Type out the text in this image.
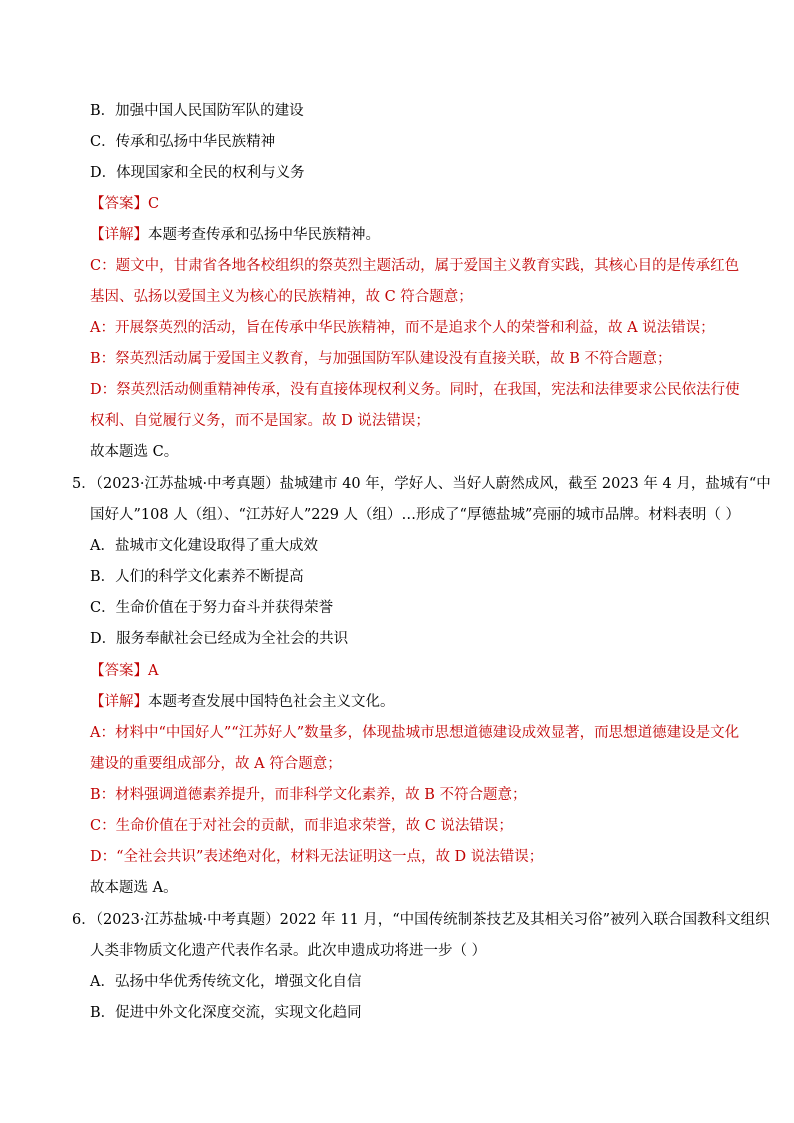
B．加强中国人民国防军队的建设
C．传承和弘扬中华民族精神
D．体现国家和全民的权利与义务
【答案】C
【详解】本题考查传承和弘扬中华民族精神。
C：题文中，甘肃省各地各校组织的祭英烈主题活动，属于爱国主义教育实践，其核心目的是传承红色
基因、弘扬以爱国主义为核心的民族精神，故 C 符合题意；
A：开展祭英烈的活动，旨在传承中华民族精神，而不是追求个人的荣誉和利益，故 A 说法错误；
B：祭英烈活动属于爱国主义教育，与加强国防军队建设没有直接关联，故 B 不符合题意；
D：祭英烈活动侧重精神传承，没有直接体现权利义务。同时，在我国，宪法和法律要求公民依法行使
权利、自觉履行义务，而不是国家。故 D 说法错误；
故本题选 C。
5．（2023·江苏盐城·中考真题）盐城建市 40 年，学好人、当好人蔚然成风，截至 2023 年 4 月，盐城有“中
国好人”108 人（组）、“江苏好人”229 人（组）…形成了“厚德盐城”亮丽的城市品牌。材料表明（ ）
A．盐城市文化建设取得了重大成效
B．人们的科学文化素养不断提高
C．生命价值在于努力奋斗并获得荣誉
D．服务奉献社会已经成为全社会的共识
【答案】A
【详解】本题考查发展中国特色社会主义文化。
A：材料中“中国好人”“江苏好人”数量多，体现盐城市思想道德建设成效显著，而思想道德建设是文化
建设的重要组成部分，故 A 符合题意；
B：材料强调道德素养提升，而非科学文化素养，故 B 不符合题意；
C：生命价值在于对社会的贡献，而非追求荣誉，故 C 说法错误；
D：“全社会共识”表述绝对化，材料无法证明这一点，故 D 说法错误；
故本题选 A。
6．（2023·江苏盐城·中考真题）2022 年 11 月，“中国传统制茶技艺及其相关习俗”被列入联合国教科文组织
人类非物质文化遗产代表作名录。此次申遗成功将进一步（ ）
A．弘扬中华优秀传统文化，增强文化自信
B．促进中外文化深度交流，实现文化趋同
